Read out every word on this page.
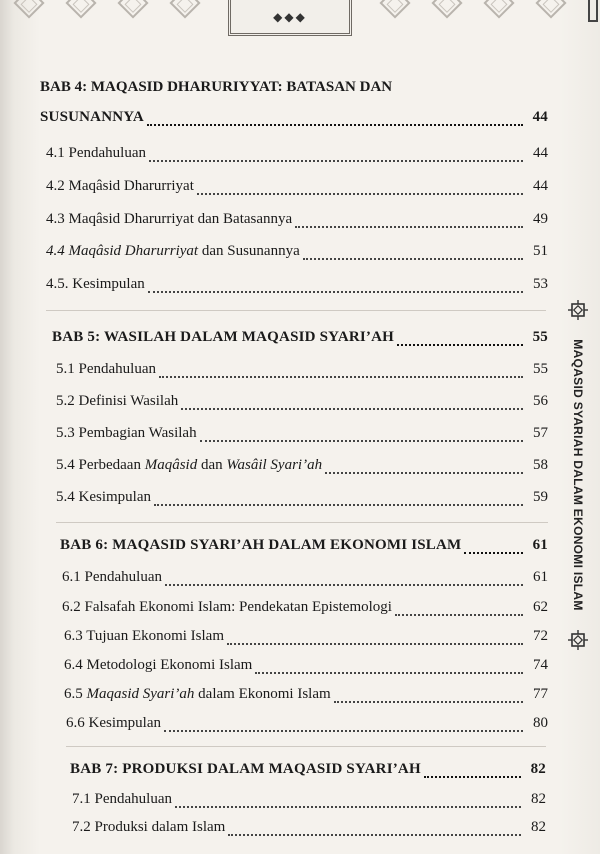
◆◆◆
BAB 4: MAQASID DHARURIYYAT: BATASAN DAN
SUSUNANNYA	44
4.1 Pendahuluan	44
4.2 Maqâsid Dharurriyat	44
4.3 Maqâsid Dharurriyat dan Batasannya	49
4.4 Maqâsid Dharurriyat dan Susunannya	51
4.5. Kesimpulan	53
BAB 5: WASILAH DALAM MAQASID SYARI’AH	55
5.1 Pendahuluan	55
5.2 Definisi Wasilah	56
5.3 Pembagian Wasilah	57
5.4 Perbedaan Maqâsid dan Wasâil Syari’ah	58
5.4 Kesimpulan	59
BAB 6: MAQASID SYARI’AH DALAM EKONOMI ISLAM	61
6.1 Pendahuluan	61
6.2 Falsafah Ekonomi Islam: Pendekatan Epistemologi	62
6.3 Tujuan Ekonomi Islam	72
6.4 Metodologi Ekonomi Islam	74
6.5 Maqasid Syari’ah dalam Ekonomi Islam	77
6.6 Kesimpulan	80
BAB 7: PRODUKSI DALAM MAQASID SYARI’AH	82
7.1 Pendahuluan	82
7.2 Produksi dalam Islam	82
MAQASID SYARIAH DALAM EKONOMI ISLAM
